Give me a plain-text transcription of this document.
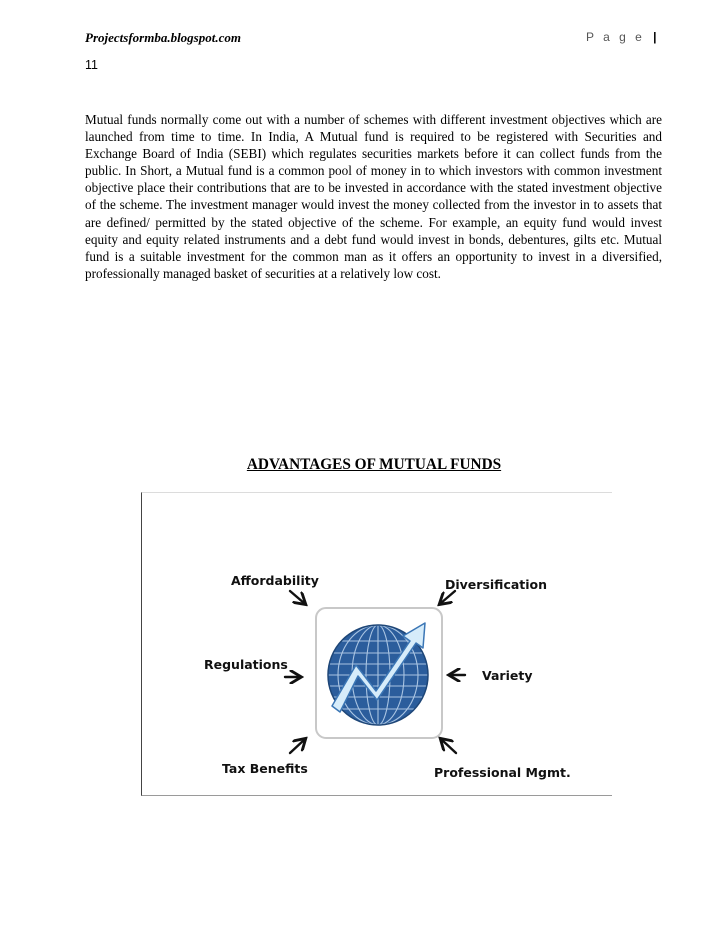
Projectsformba.blogspot.com	P a g e |
11

Mutual funds normally come out with a number of schemes with different investment objectives which are launched from time to time. In India, A Mutual fund is required to be registered with Securities and Exchange Board of India (SEBI) which regulates securities markets before it can collect funds from the public. In Short, a Mutual fund is a common pool of money in to which investors with common investment objective place their contributions that are to be invested in accordance with the stated investment objective of the scheme. The investment manager would invest the money collected from the investor in to assets that are defined/ permitted by the stated objective of the scheme. For example, an equity fund would invest equity and equity related instruments and a debt fund would invest in bonds, debentures, gilts etc. Mutual fund is a suitable investment for the common man as it offers an opportunity to invest in a diversified, professionally managed basket of securities at a relatively low cost.

ADVANTAGES OF MUTUAL FUNDS
Affordability	Diversification
Regulations
Variety
Tax Benefits	Professional Mgmt.
